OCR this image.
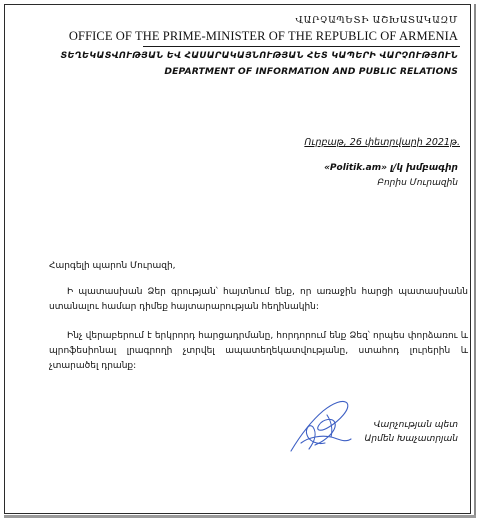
ՎԱՐՉԱՊԵՏԻ ԱՇԽԱՏԱԿԱԶՄ
OFFICE OF THE PRIME-MINISTER OF THE REPUBLIC OF ARMENIA
ՏԵՂԵԿԱՏՎՈՒԹՅԱՆ ԵՎ ՀԱՍԱՐԱԿԱՅՆՈՒԹՅԱՆ ՀԵՏ ԿԱՊԵՐԻ ՎԱՐՉՈՒԹՅՈՒՆ
DEPARTMENT OF INFORMATION AND PUBLIC RELATIONS
Ուրբաթ, 26 փետրվարի 2021թ.
«Politik.am» լ/կ խմբագիր
Բորիս Մուրազին
Հարգելի պարոն Մուրազի,
Ի պատասխան Ձեր գրության՝ հայտնում ենք, որ առաջին հարցի պատասխանն ստանալու համար դիմեք հայտարարության հեղինակին:
Ինչ վերաբերում է երկրորդ հարցադրմանը, հորդորում ենք Ձեզ՝ որպես փորձառու և պրոֆեսիոնալ լրագրողի չտրվել ապատեղեկատվությանը, ստահոդ լուրերին և չտարածել դրանք:
Վարչության պետ
Արմեն Խաչատրյան
